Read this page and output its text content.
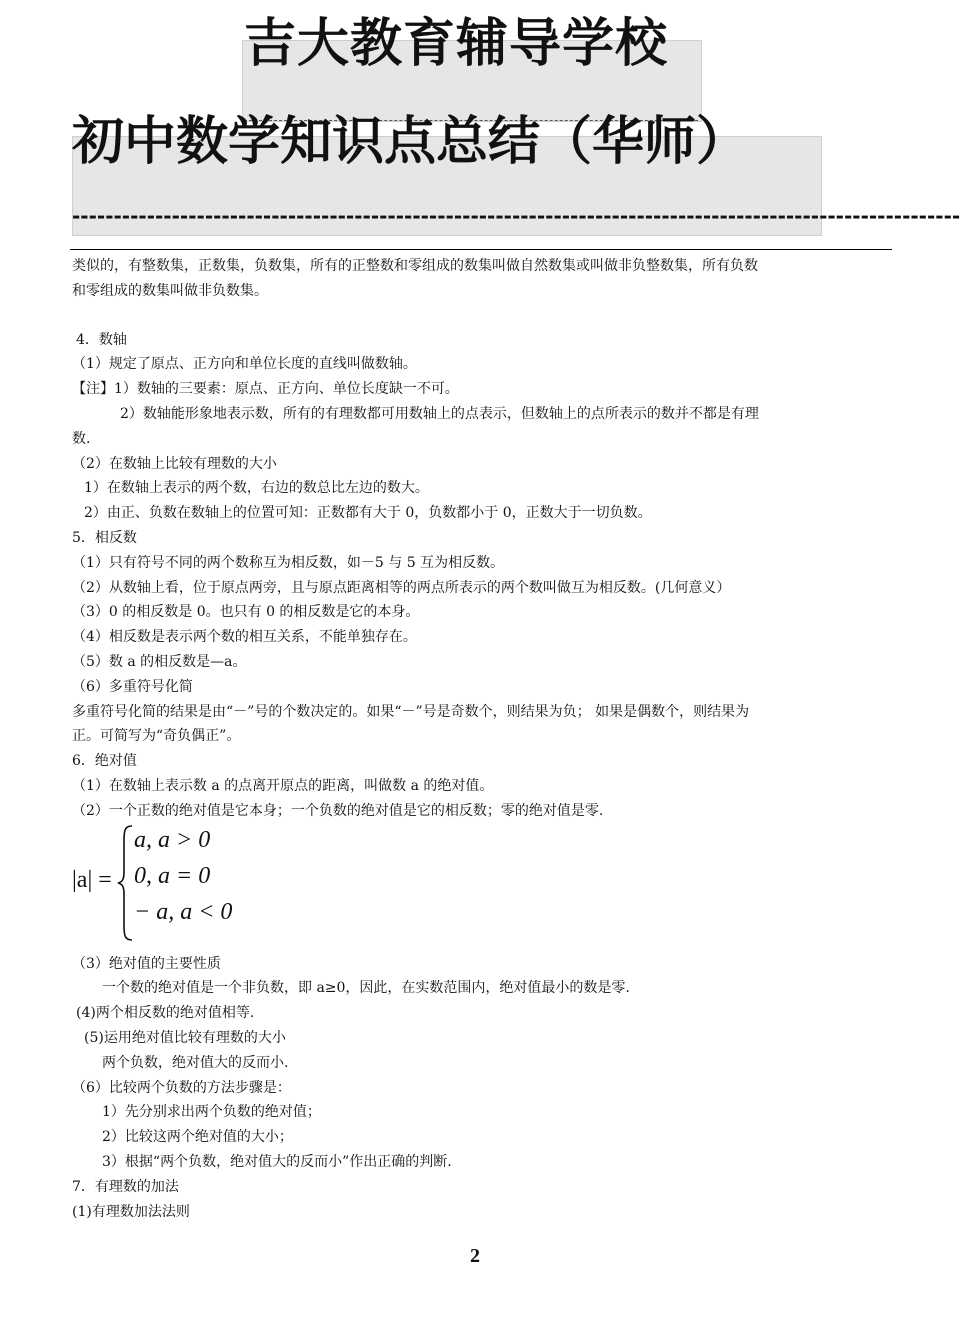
吉大教育辅导学校
初中数学知识点总结（华师）
-----------------------------------------------------------------------------------------------------------

类似的，有整数集，正数集，负数集，所有的正整数和零组成的数集叫做自然数集或叫做非负整数集，所有负数

和零组成的数集叫做非负数集。

4．数轴

（1）规定了原点、正方向和单位长度的直线叫做数轴。

【注】1）数轴的三要素：原点、正方向、单位长度缺一不可。

2）数轴能形象地表示数，所有的有理数都可用数轴上的点表示，但数轴上的点所表示的数并不都是有理

数.

（2）在数轴上比较有理数的大小

1）在数轴上表示的两个数，右边的数总比左边的数大。

2）由正、负数在数轴上的位置可知：正数都有大于 0，负数都小于 0，正数大于一切负数。

5．相反数

（1）只有符号不同的两个数称互为相反数，如－5 与 5 互为相反数。

（2）从数轴上看，位于原点两旁，且与原点距离相等的两点所表示的两个数叫做互为相反数。(几何意义）

（3）0 的相反数是 0。也只有 0 的相反数是它的本身。

（4）相反数是表示两个数的相互关系，不能单独存在。

（5）数 a 的相反数是—a。

（6）多重符号化简

多重符号化简的结果是由“－”号的个数决定的。如果“－”号是奇数个，则结果为负； 如果是偶数个，则结果为

正。可简写为“奇负偶正”。

6．绝对值

（1）在数轴上表示数 a 的点离开原点的距离，叫做数 a 的绝对值。

（2）一个正数的绝对值是它本身；一个负数的绝对值是它的相反数；零的绝对值是零.

|a| =
a, a > 0
0, a = 0
− a, a < 0

（3）绝对值的主要性质

一个数的绝对值是一个非负数，即 a≥0，因此，在实数范围内，绝对值最小的数是零.

(4)两个相反数的绝对值相等.

(5)运用绝对值比较有理数的大小

两个负数，绝对值大的反而小.

（6）比较两个负数的方法步骤是：

1）先分别求出两个负数的绝对值；

2）比较这两个绝对值的大小；

3）根据“两个负数，绝对值大的反而小”作出正确的判断.

7．有理数的加法

(1)有理数加法法则

2
